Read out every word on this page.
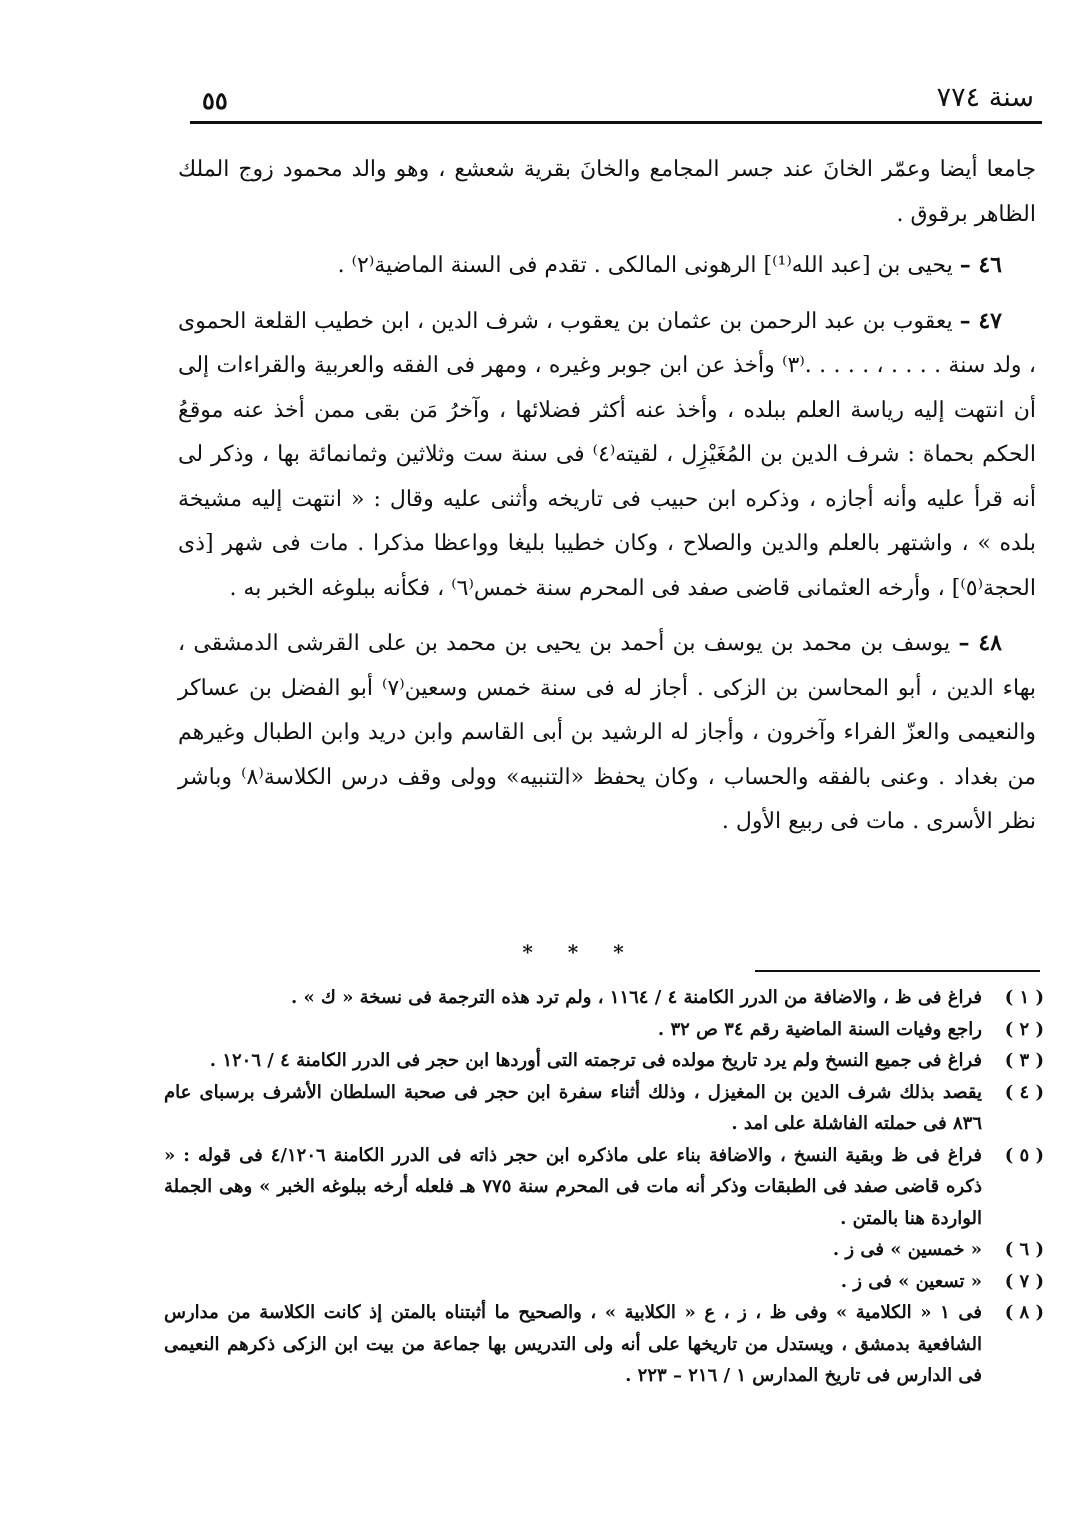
٥٥	سنة ٧٧٤

جامعا أيضا وعمّر الخانَ عند جسر المجامع والخانَ بقرية شعشع ، وهو والد محمود زوج الملك الظاهر برقوق .

٤٦ – يحيى بن [عبد الله⁽¹⁾] الرهونى المالكى . تقدم فى السنة الماضية⁽٢⁾ .

٤٧ – يعقوب بن عبد الرحمن بن عثمان بن يعقوب ، شرف الدين ، ابن خطيب القلعة الحموى ، ولد سنة . . . . ، . . . . .⁽٣⁾ وأخذ عن ابن جوبر وغيره ، ومهر فى الفقه والعربية والقراءات إلى أن انتهت إليه رياسة العلم ببلده ، وأخذ عنه أكثر فضلائها ، وآخرُ مَن بقى ممن أخذ عنه موقعُ الحكم بحماة : شرف الدين بن المُغَيْزِل ، لقيته⁽٤⁾ فى سنة ست وثلاثين وثمانمائة بها ، وذكر لى أنه قرأ عليه وأنه أجازه ، وذكره ابن حبيب فى تاريخه وأثنى عليه وقال : « انتهت إليه مشيخة بلده » ، واشتهر بالعلم والدين والصلاح ، وكان خطيبا بليغا وواعظا مذكرا . مات فى شهر [ذى الحجة⁽٥⁾] ، وأرخه العثمانى قاضى صفد فى المحرم سنة خمس⁽٦⁾ ، فكأنه ببلوغه الخبر به .

٤٨ – يوسف بن محمد بن يوسف بن أحمد بن يحيى بن محمد بن على القرشى الدمشقى ، بهاء الدين ، أبو المحاسن بن الزكى . أجاز له فى سنة خمس وسعين⁽٧⁾ أبو الفضل بن عساكر والنعيمى والعزّ الفراء وآخرون ، وأجاز له الرشيد بن أبى القاسم وابن دريد وابن الطبال وغيرهم من بغداد . وعنى بالفقه والحساب ، وكان يحفظ «التنبيه» وولى وقف درس الكلاسة⁽٨⁾ وباشر نظر الأسرى . مات فى ربيع الأول .

* * *
( ١ )
فراغ فى ظ ، والاضافة من الدرر الكامنة ٤ / ١١٦٤ ، ولم ترد هذه الترجمة فى نسخة « ك » .
( ٢ )
راجع وفيات السنة الماضية رقم ٣٤ ص ٣٢ .
( ٣ )
فراغ فى جميع النسخ ولم يرد تاريخ مولده فى ترجمته التى أوردها ابن حجر فى الدرر الكامنة ٤ / ١٢٠٦ .
( ٤ )
يقصد بذلك شرف الدين بن المغيزل ، وذلك أثناء سفرة ابن حجر فى صحبة السلطان الأشرف برسباى عام ٨٣٦ فى حملته الفاشلة على امد .
( ٥ )
فراغ فى ظ وبقية النسخ ، والاضافة بناء على ماذكره ابن حجر ذاته فى الدرر الكامنة ٤/١٢٠٦ فى قوله : « ذكره قاضى صفد فى الطبقات وذكر أنه مات فى المحرم سنة ٧٧٥ هـ فلعله أرخه ببلوغه الخبر » وهى الجملة الواردة هنا بالمتن .
( ٦ )
« خمسين » فى ز .
( ٧ )
« تسعين » فى ز .
( ٨ )
فى ١ « الكلامية » وفى ظ ، ز ، ع « الكلابية » ، والصحيح ما أثبتناه بالمتن إذ كانت الكلاسة من مدارس الشافعية بدمشق ، ويستدل من تاريخها على أنه ولى التدريس بها جماعة من بيت ابن الزكى ذكرهم النعيمى فى الدارس فى تاريخ المدارس ١ / ٢١٦ – ٢٢٣ .
